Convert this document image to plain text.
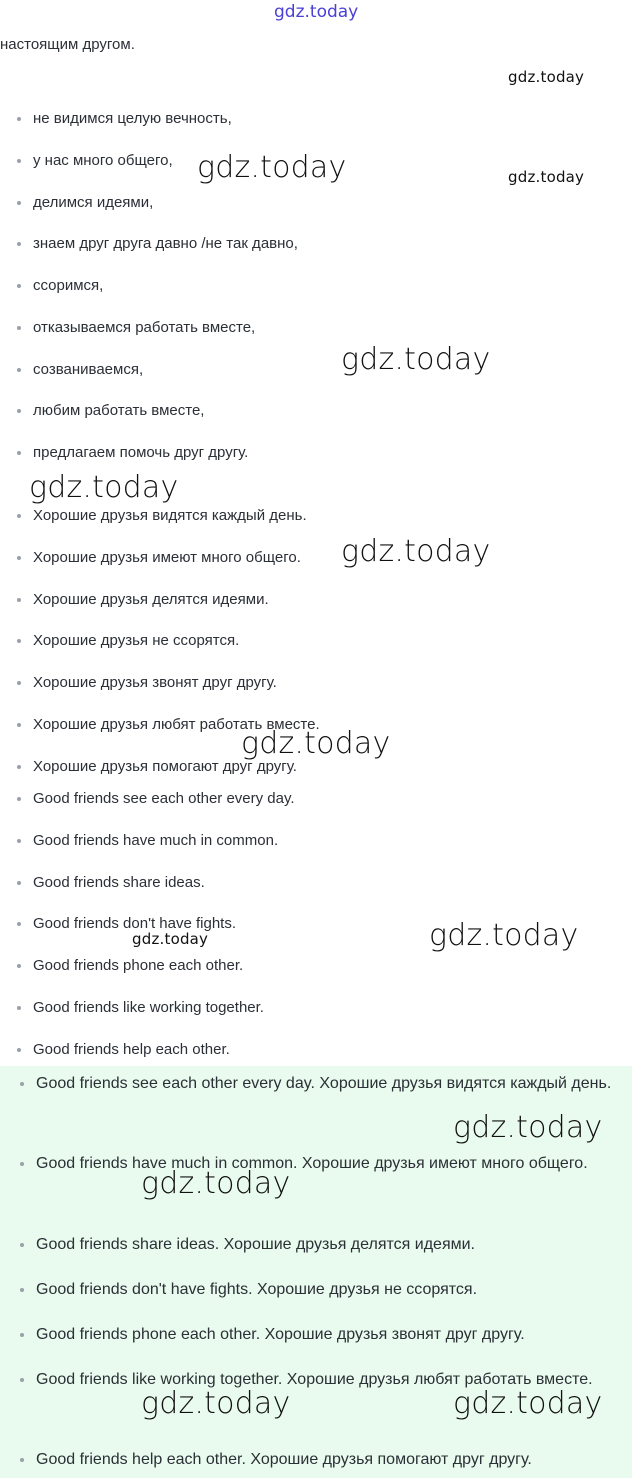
gdz.today

настоящим другом.

не видимся целую вечность,
у нас много общего,
делимся идеями,
знаем друг друга давно /не так давно,
ссоримся,
отказываемся работать вместе,
созваниваемся,
любим работать вместе,
предлагаем помочь друг другу.
Хорошие друзья видятся каждый день.
Хорошие друзья имеют много общего.
Хорошие друзья делятся идеями.
Хорошие друзья не ссорятся.
Хорошие друзья звонят друг другу.
Хорошие друзья любят работать вместе.
Хорошие друзья помогают друг другу.
Good friends see each other every day.
Good friends have much in common.
Good friends share ideas.
Good friends don't have fights.
Good friends phone each other.
Good friends like working together.
Good friends help each other.
Good friends see each other every day. Хорошие друзья видятся каждый день.
Good friends have much in common. Хорошие друзья имеют много общего.
Good friends share ideas. Хорошие друзья делятся идеями.
Good friends don't have fights. Хорошие друзья не ссорятся.
Good friends phone each other. Хорошие друзья звонят друг другу.
Good friends like working together. Хорошие друзья любят работать вместе.
Good friends help each other. Хорошие друзья помогают друг другу.
gdz.today
gdz.today	gdz.today
gdz.today
gdz.today
gdz.today
gdz.today
gdz.today	gdz.today
gdz.today
gdz.today
gdz.today	gdz.today
